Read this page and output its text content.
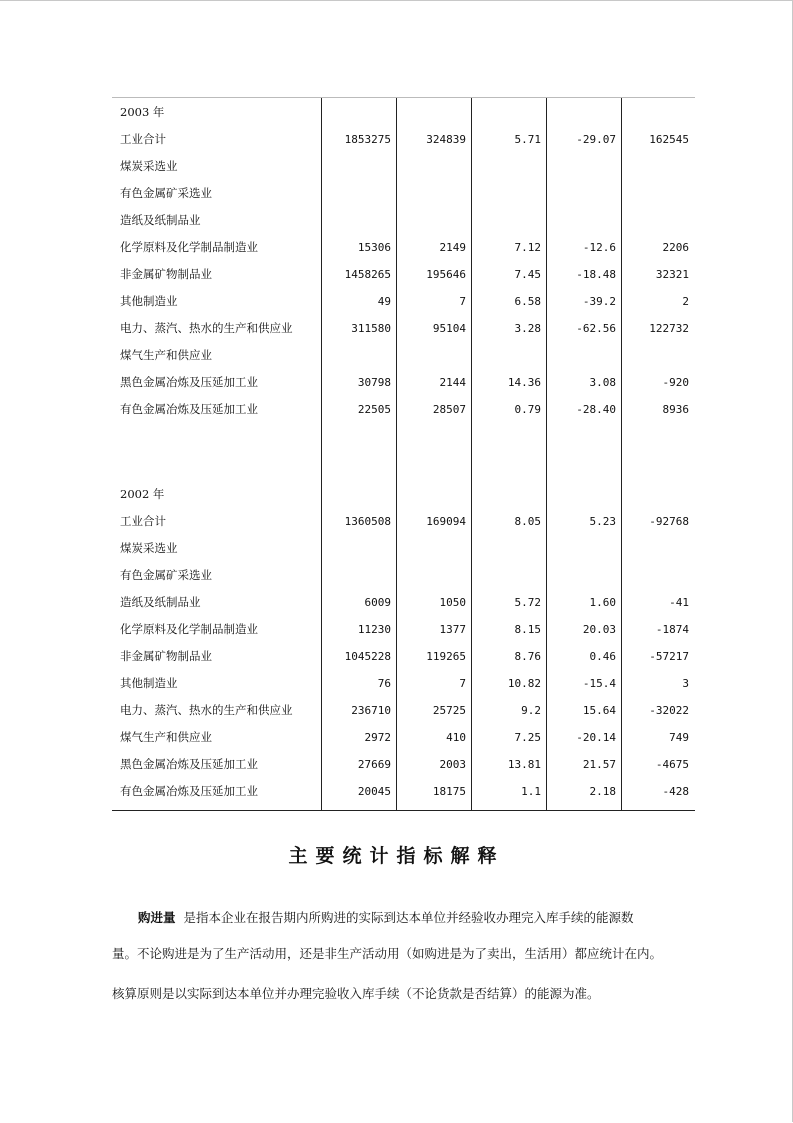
2003 年
工业合计	1853275	324839	5.71	-29.07	162545
煤炭采选业
有色金属矿采选业
造纸及纸制品业
化学原料及化学制品制造业	15306	2149	7.12	-12.6	2206
非金属矿物制品业	1458265	195646	7.45	-18.48	32321
其他制造业	49	7	6.58	-39.2	2
电力、蒸汽、热水的生产和供应业	311580	95104	3.28	-62.56	122732
煤气生产和供应业
黑色金属冶炼及压延加工业	30798	2144	14.36	3.08	-920
有色金属冶炼及压延加工业	22505	28507	0.79	-28.40	8936
2002 年
工业合计	1360508	169094	8.05	5.23	-92768
煤炭采选业
有色金属矿采选业
造纸及纸制品业	6009	1050	5.72	1.60	-41
化学原料及化学制品制造业	11230	1377	8.15	20.03	-1874
非金属矿物制品业	1045228	119265	8.76	0.46	-57217
其他制造业	76	7	10.82	-15.4	3
电力、蒸汽、热水的生产和供应业	236710	25725	9.2	15.64	-32022
煤气生产和供应业	2972	410	7.25	-20.14	749
黑色金属冶炼及压延加工业	27669	2003	13.81	21.57	-4675
有色金属冶炼及压延加工业	20045	18175	1.1	2.18	-428
主要统计指标解释
购进量 是指本企业在报告期内所购进的实际到达本单位并经验收办理完入库手续的能源数
量。不论购进是为了生产活动用，还是非生产活动用（如购进是为了卖出，生活用）都应统计在内。
核算原则是以实际到达本单位并办理完验收入库手续（不论货款是否结算）的能源为准。
